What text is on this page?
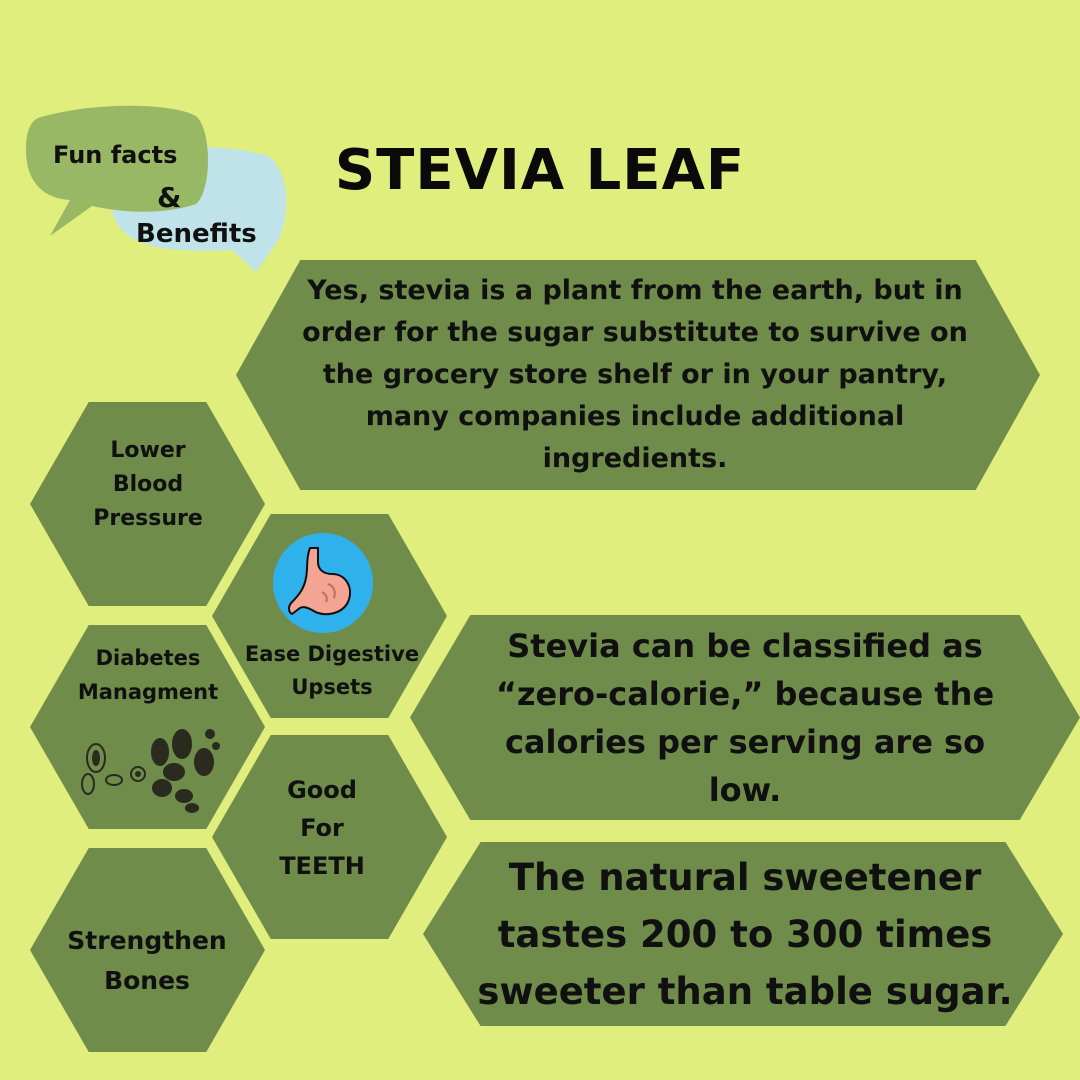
Fun facts
&
Benefits
STEVIA LEAF
Yes, stevia is a plant from the earth, but in order for the sugar substitute to survive on the grocery store shelf or in your pantry, many companies include additional ingredients.
Stevia can be classified as “zero-calorie,” because the calories per serving are so low.
The natural sweetener tastes 200 to 300 times sweeter than table sugar.
Lower Blood Pressure
Ease Digestive Upsets
Diabetes Managment
Good For TEETH
Strengthen Bones
